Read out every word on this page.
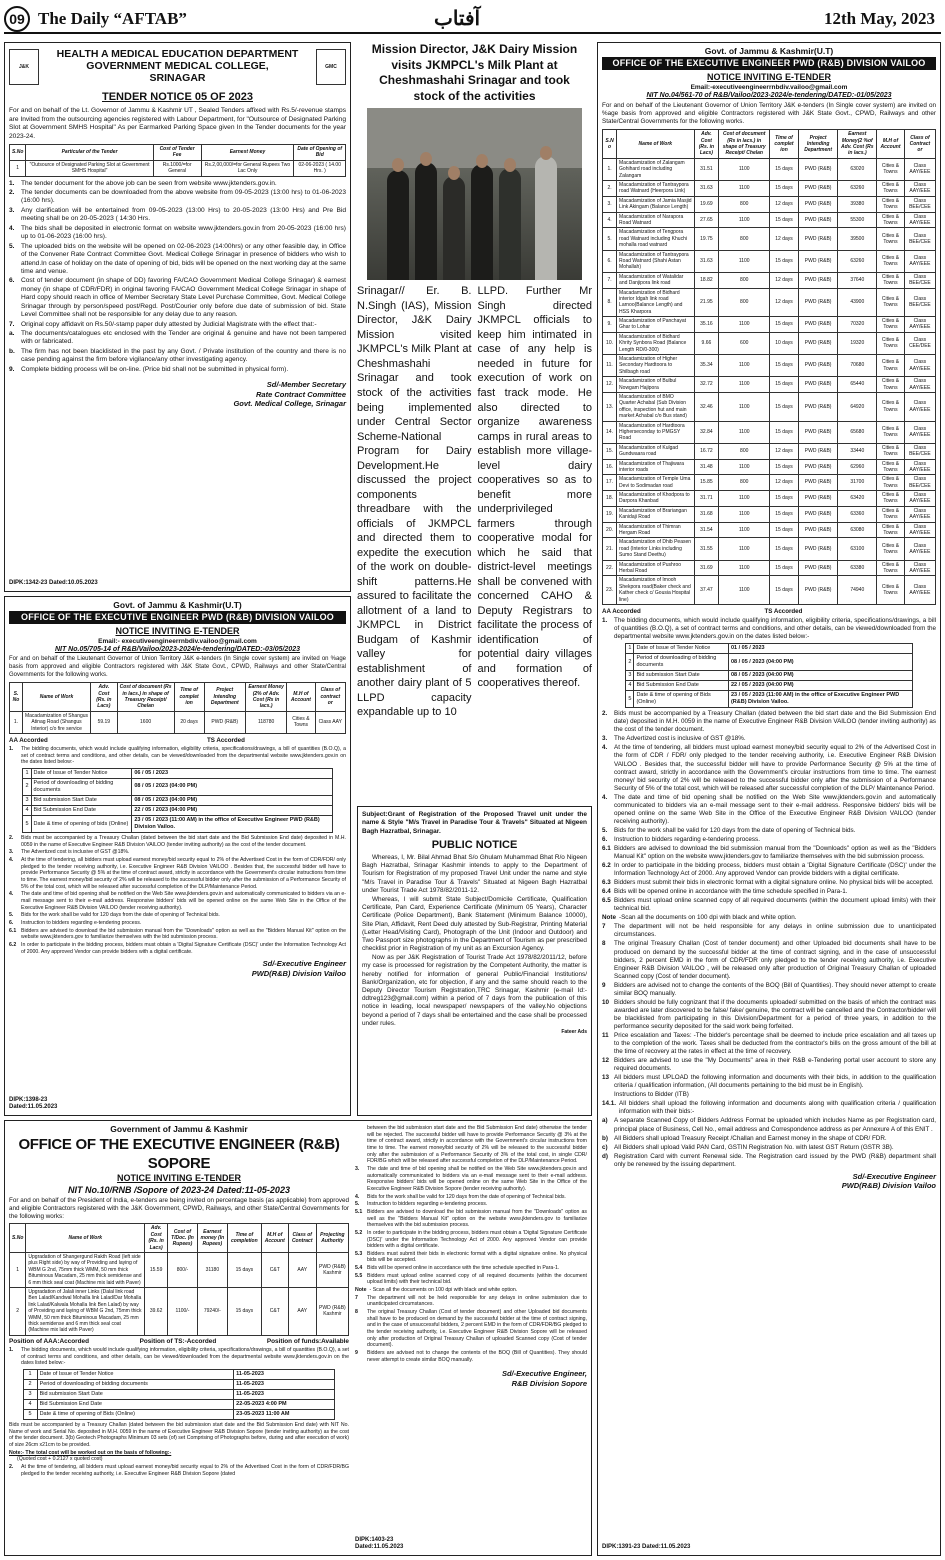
09 The Daily “AFTAB”	آفتاب	12th May, 2023
J&K	GMC
HEALTH A MEDICAL EDUCATION DEPARTMENT
GOVERNMENT MEDICAL COLLEGE,
SRINAGAR
TENDER NOTICE 05 OF 2023

For and on behalf of the Lt. Governor of Jammu & Kashmir UT , Sealed Tenders affixed with Rs.5/-revenue stamps are Invited from the outsourcing agencies registered with Labour Department, for "Outsource of Designated Parking Slot at Government SMHS Hospital" As per Earmarked Parking Space given In the Tender documents for the year 2023-24.

S.No	Particular of the Tender	Cost of Tender Fee	Earnest Money	Date of Opening of Bid
1	"Outsource of Designated Parking Slot at Government SMHS Hospital"	Rs.1000/=for General	Rs.2,00,000/=for General Rupees Two Lac Only	02-06-2023 ( 14.00 Hrs. )
1. The tender document for the above job can be seen from website www.jktenders.gov.in.
2. The tender documents can be downloaded from the above website from 09-05-2023 (13:00 hrs) to 01-06-2023 (16:00 hrs).
3. Any clarification will be entertained from 09-05-2023 (13:00 Hrs) to 20-05-2023 (13:00 Hrs) and Pre Bid meeting shall be on 20-05-2023 ( 14:30 Hrs.
4. The bids shall be deposited in electronic format on website www.jktenders.gov.in from 20-05-2023 (16:00 hrs) up to 01-06-2023 (16:00 hrs).
5. The uploaded bids on the website will be opened on 02-06-2023 (14:00hrs) or any other feasible day, in Office of the Convener Rate Contract Committee Govt. Medical College Srinagar in presence of bidders who wish to attend.In case of holiday on the date of opening of bid, bids will be opened on the next working day at the same time and venue.
6. Cost of tender document (in shape of DD) favoring FA/CAO Government Medical College Srinagar) & earnest money (in shape of CDR/FDR) in original favoring FA/CAO Government Medical College Srinagar in shape of Hard copy should reach in office of Member Secretary State Level Purchase Committee, Govt. Medical College Srinagar through by person/speed post/Regd. Post/Courier only before due date of submission of bid. State Level Committee shall not be responsible for any delay due to any reason.
7. Original copy affidavit on Rs.50/-stamp paper duly attested by Judicial Magistrate with the effect that:-
a. The documents/catalogues etc enclosed with the Tender are original & genuine and have not been tampered with or fabricated.
b. The firm has not been blacklisted in the past by any Govt. / Private institution of the country and there is no case pending against the firm before vigilance/any other investigating agency.
9. Complete bidding process will be on-line. (Price bid shall not be submitted in physical form).
Sd/-Member Secretary
Rate Contract Committee
Govt. Medical College, Srinagar
DIPK:1342-23 Dated:10.05.2023
Govt. of Jammu & Kashmir(U.T)
OFFICE OF THE EXECUTIVE ENGINEER PWD (R&B) DIVISION VAILOO
NOTICE INVITING E-TENDER
Email:- executiveengineerrnbdiv.vailoo@gmail.com
NIT No.05/705-14 of R&B/Vailoo/2023-2024/e-tendering/DATED:-03/05/2023

For and on behalf of the Lieutenant Governor of Union Territory J&K e-tenders (In Single cover system) are invited on %age basis from approved and eligible Contractors registered with J&K State Govt., CPWD, Railways and other State/Central Governments for the following works.

S. No	Name of Work	Adv. Cost (Rs. in Lacs)	Cost of document (Rs in lacs.) in shape of Treasury Receipt/ Chelan	Time of complet ion	Project Intending Department	Earnest Money (2% of Adv. Cost (Rs in lacs.)	M.H of Account	Class of contract or
1.	Macadamization of Shangus Atinag Road (Shangus Interior) c/o fire service	59.19	1600	20 days	PWD (R&B)	118780	Cities & Towns	Class AAY
AA Accorded	TS Accorded
1.	The bidding documents, which would include qualifying information, eligibility criteria, specifications/drawings, a bill of quantities (B.O.Q), a set of contract terms and conditions, and other details, can be viewed/downloaded from the departmental website www.jktenders.gov.in on the dates listed below:-
1	Date of Issue of Tender Notice	06 / 05 / 2023
2	Period of downloading of bidding documents	08 / 05 / 2023 (04:00 PM)
3	Bid submission Start Date	08 / 05 / 2023 (04:00 PM)
4	Bid Submission End Date	22 / 05 / 2023 (04:00 PM)
5	Date & time of opening of bids (Online)	23 / 05 / 2023 (11:00 AM) in the office of Executive Engineer PWD (R&B) Division Vailoo.
2.	Bids must be accompanied by a Treasury Challan (dated between the bid start date and the Bid Submission End date) deposited in M.H. 0059 in the name of Executive Engineer R&B Division VAILOO (tender inviting authority) as the cost of the tender document.
3.	The Advertized cost is inclusive of GST @18%.
4.	At the time of tendering, all bidders must upload earnest money/bid security equal to 2% of the Advertised Cost in the form of CDR/FDR/ only pledged to the tender receiving authority, i.e. Executive Engineer R&B Division VAILOO . Besides that, the successful bidder will have to provide Performance Security @ 5% at the time of contract award, strictly in accordance with the Government's circular instructions from time to time. The earnest money/bid security of 2% will be released to the successful bidder only after the submission of a Performance Security of 5% of the total cost, which will be released after successful completion of the DLP/Maintenance Period.
4.	The date and time of bid opening shall be notified on the Web Site www.jktenders.gov.in and automatically communicated to bidders via an e-mail message sent to their e-mail address. Responsive bidders' bids will be opened online on the same Web Site in the Office of the Executive Engineer R&B Division VAILOO (tender receiving authority).
5.	Bids for the work shall be valid for 120 days from the date of opening of Technical bids.
6.	Instruction to bidders regarding e-tendering process.
6.1 Bidders are advised to download the bid submission manual from the "Downloads" option as well as the "Bidders Manual Kit" option on the website www.jktenders.gov to familiarize themselves with the bid submission process.
6.2 In order to participate in the bidding process, bidders must obtain a 'Digital Signature Certificate (DSC)' under the Information Technology Act of 2000. Any approved Vendor can provide bidders with a digital certificate.
Sd/-Executive Engineer
PWD(R&B) Division Vailoo
DIPK:1398-23 Dated:11.05.2023
Government of Jammu & Kashmir
OFFICE OF THE EXECUTIVE ENGINEER (R&B) SOPORE
NOTICE INVITING E-TENDER
NIT No.10/RNB /Sopore of 2023-24 Dated:11-05-2023

For and on behalf of the President of India, e-tenders are being invited on percentage basis (as applicable) from approved and eligible Contractors registered with the J&K Government, CPWD, Railways, and other State/Central Governments for the following works:

S.No	Name of Work	Adv. Cost (Rs. in Lacs)	Cost of T/Doc. (In Rupees)	Earnest money (In Rupees)	Time of completion	M.H of Account	Class of Contract	Projecting Authority
1	Upgradation of Shangergund Rakth Road (left side plus Right side) by way of Providing and laying of WBM G 2nd, 75mm thick WMM, 50 mm thick Bituminous Macadam, 25 mm thick semidense and 6 mm thick seal coat (Machine mix laid with Paver)	15.59	800/-	31180	15 days	C&T	AAY	PWD (R&B) Kashmir
2	Upgradation of Jalali inner Links (Dalal link road Ben Lalad/Kandwal Mohalla link Lalad/Dar Mohalla link Lalad/Kalwala Mohalla link Ben Lalad) by way of Providing and laying of WBM G 2nd, 75mm thick WMM, 50 mm thick Bituminous Macadam, 25 mm thick semidense and 6 mm thick seal coat (Machine mix laid with Paver)	39.62	1100/-	79240/-	15 days	C&T	AAY	PWD (R&B) Kashmir
Position of AAA:Accorded	Position of TS:-Accorded	Position of funds:Available
1.	The bidding documents, which would include qualifying information, eligibility criteria, specifications/drawings, a bill of quantities (B.O.Q), a set of contract terms and conditions, and other details, can be viewed/downloaded from the departmental website www.jktenders.gov.in on the dates listed below:-
1	Date of Issue of Tender Notice	11-05-2023
2	Period of downloading of bidding documents	11-05-2023
3	Bid submission Start Date	11-05-2023
4	Bid Submission End Date	22-05-2023 4:00 PM
5	Date & time of opening of Bids (Online)	23-05-2023 11:00 AM

Bids must be accompanied by a Treasury Challan (dated between the bid submission start date and the Bid Submission End date) with NIT No. Name of work and Serial No. deposited in M.H. 0059 in the name of Executive Engineer R&B Division Sopore (tender inviting authority) as the cost of the tender document. 3(b) Geotech Photographs Minimum 03 sets (of) set Comprising of Photographs before, during and after execution of work) of size 26cm x21cm to be provided.

Note:- The total cost will be worked out on the basis of following:-
(Quoted cost + 0.2127 x quoted cost)
2.	At the time of tendering, all bidders must upload earnest money/bid security equal to 2% of the Advertised Cost in the form of CDR/FDR/BG pledged to the tender receiving authority, i.e. Executive Engineer R&B Division Sopore (dated
between the bid submission start date and the Bid Submission End date) otherwise the tender will be rejected. The successful bidder will have to provide Performance Security @ 3% at the time of contract award, strictly in accordance with the Government's circular instructions from time to time. The earnest money/bid security of 2% will be released to the successful bidder only after the submission of a Performance Security of 3% of the total cost, in single CDR/ FDR/BG which will be released after successful completion of the DLP/Maintenance Period.
3.	The date and time of bid opening shall be notified on the Web Site www.jktenders.gov.in and automatically communicated to bidders via an e-mail message sent to their e-mail address. Responsive bidders' bids will be opened online on the same Web Site in the Office of the Executive Engineer R&B Division Sopore (tender receiving authority).
4.	Bids for the work shall be valid for 120 days from the date of opening of Technical bids.
5.	Instruction to bidders regarding e-tendering process.
5.1 Bidders are advised to download the bid submission manual from the "Downloads" option as well as the "Bidders Manual Kit" option on the website www.jktenders.gov to familiarize themselves with the bid submission process.
5.2 In order to participate in the bidding process, bidders must obtain a 'Digital Signature Certificate (DSC)' under the Information Technology Act of 2000. Any approved Vendor can provide bidders with a digital certificate.
5.3 Bidders must submit their bids in electronic format with a digital signature online. No physical bids will be accepted.
5.4 Bids will be opened online in accordance with the time schedule specified in Para-1.
5.5 Bidders must upload online scanned copy of all required documents (within the document upload limits) with their technical bid.
Note - Scan all the documents on 100 dpi with black and white option.
7	The department will not be held responsible for any delays in online submission due to unanticipated circumstances.
8	The original Treasury Challan (Cost of tender document) and other Uploaded bid documents shall have to be produced on demand by the successful bidder at the time of contract signing, and in the case of unsuccessful bidders, 2 percent EMD in the form of CDR/FDR/BG pledged to the tender receiving authority, i.e. Executive Engineer R&B Division Sopore will be released only after production of Original Treasury Challan of uploaded Scanned copy (Cost of tender document).
9	Bidders are advised not to change the contents of the BOQ (Bill of Quantities). They should never attempt to create similar BOQ manually.
Sd/-Executive Engineer,
R&B Division Sopore
DIPK:1403-23 Dated:11.05.2023
Mission Director, J&K Dairy Mission visits JKMPCL's Milk Plant at Cheshmashahi Srinagar and took stock of the activities
Srinagar// Er. B. N.Singh (IAS), Mission Director, J&K Dairy Mission visited JKMPCL's Milk Plant at Cheshmashahi Srinagar and took stock of the activities being implemented under Central Sector Scheme-National Program for Dairy Development.He discussed the project components threadbare with the officials of JKMPCL and directed them to expedite the execution of the work on double-shift patterns.He assured to facilitate the allotment of a land to JKMPCL in District Budgam of Kashmir valley for establishment of another dairy plant of 5 LLPD capacity expandable up to 10
LLPD. Further Mr Singh directed JKMPCL officials to keep him intimated in case of any help is needed in future for execution of work on fast track mode. He also directed to organize awareness camps in rural areas to establish more village-level dairy cooperatives so as to benefit more underprivileged farmers through cooperative modal for which he said that district-level meetings shall be convened with concerned CAHO & Deputy Registrars to facilitate the process of identification of potential dairy villages and formation of cooperatives thereof.

Subject:Grant of Registration of the Proposed Travel unit under the name & Style "M/s Travel in Paradise Tour & Travels" Situated at Nigeen Bagh Hazratbal, Srinagar.

PUBLIC NOTICE

Whereas, I, Mr. Bilal Ahmad Bhat S/o Ghulam Muhammad Bhat R/o Nigeen Bagh Hazratbal, Srinagar Kashmir intends to apply to the Department of Tourism for Registration of my proposed Travel Unit under the name and style "M/s Travel in Paradise Tour & Travels" Situated at Nigeen Bagh Hazratbal under Tourist Trade Act 1978/82/2011-12.

Whereas, I will submit State Subject/Domicile Certificate, Qualification Certificate, Pan Card, Experience Certificate (Minimum 05 Years), Character Certificate (Police Department), Bank Statement (Minimum Balance 10000), Site Plan, Affidavit, Rent Deed duly attested by Sub-Registrar, Printing Material (Letter Head/Visiting Card), Photograph of the Unit (Indoor and Outdoor) and Two Passport size photographs in the Department of Tourism as per prescribed checklist prior in Registration of my unit as an Excursion Agency.

Now as per J&K Registration of Tourist Trade Act 1978/82/2011/12, before my case is processed for registration by the Competent Authority, the matter is hereby notified for information of general Public/Financial Institutions/ Bank/Organization, etc for objection, if any and the same should reach to the Deputy Director Tourism Registration,TRC Srinagar, Kashmir (e-mail Id:-ddtreg123@gmail.com) within a period of 7 days from the publication of this notice in leading, local newspaper/ newspapers of the valley.No objections beyond a period of 7 days shall be entertained and the case shall be processed under rules.

Fateer Ads
Govt. of Jammu & Kashmir(U.T)
OFFICE OF THE EXECUTIVE ENGINEER PWD (R&B) DIVISION VAILOO
NOTICE INVITING E-TENDER
Email:-executiveengineerrnbdiv.vailoo@gmail.com
NIT No.04/561-70 of R&B/Vailoo/2023-2024/e-tendering/DATED:-01/05/2023

For and on behalf of the Lieutenant Governor of Union Territory J&K e-tenders (In Single cover system) are invited on %age basis from approved and eligible Contractors registered with J&K State Govt., CPWD, Railways and other State/Central Governments for the following works.

S.N o	Name of Work	Adv. Cost (Rs. in Lacs)	Cost of document (Rs in lacs.) in shape of Treasury Receipt/ Chelan	Time of complet ion	Project Intending Department	Earnest Money(2 %of Adv. Cost (Rs in lacs.)	M.H of Account	Class of Contract or
1.	Macadamization of Zalangam Gohihard road including Zalangam	31.51	1100	15 days	PWD (R&B)	63020	Cities & Towns	Class AAY/EEE
2.	Macadamization of Tantraypora road Watnard (Heerpora Link)	31.63	1100	15 days	PWD (R&B)	63260	Cities & Towns	Class AAY/EEE
3.	Macadamization of Jamia Masjid Link Akingam (Balance Length)	19.69	800	12 days	PWD (R&B)	39380	Cities & Towns	Class BEE/CEE
4.	Macadamization of Narapora Road Watnard	27.65	1100	15 days	PWD (R&B)	55300	Cities & Towns	Class AAY/EEE
5.	Macadamization of Tengpora road Watnard including Khuchi mohalla road watnard	19.75	800	12 days	PWD (R&B)	39500	Cities & Towns	Class BEE/CEE
6.	Macadamization of Tantraypora Road Watnard (Shahi Astan Mohallah)	31.63	1100	15 days	PWD (R&B)	63260	Cities & Towns	Class AAY/EEE
7.	Macadamization of Watalidar and Danjipora link road	18.82	800	12 days	PWD (R&B)	37640	Cities & Towns	Class BEE/CEE
8.	Macadamization of Bidhard interior Idgah link road Larnoo(Balance Length) and HSS Kharpora	21.95	800	12 days	PWD (R&B)	43900	Cities & Towns	Class BEE/CEE
9.	Macadamization of Panchayat Ghar to Lohar	35.16	1100	15 days	PWD (R&B)	70320	Cities & Towns	Class AAY/EEE
10.	Macadamization of Bidhard Khrity Synbora Road (Balance Length RD/0-300)	9.66	600	10 days	PWD (R&B)	19320	Cities & Towns	Class CEE/DEE
11.	Macadamization of Higher Secondary Hardtoora to Shilbagh road	35.34	1100	15 days	PWD (R&B)	70680	Cities & Towns	Class AAY/EEE
12.	Macadamization of Bulbul Nowgam Hajipora	32.72	1100	15 days	PWD (R&B)	65440	Cities & Towns	Class AAY/EEE
13.	Macadamization of BMO Quarter Achabal (Sub Division office, inspection hut and main market Achabal c/o Bus stand)	32.46	1100	15 days	PWD (R&B)	64920	Cities & Towns	Class AAY/EEE
14.	Macadamization of Hardtoora Higherseconday to PMGSY Road	32.84	1100	15 days	PWD (R&B)	65680	Cities & Towns	Class AAY/EEE
15.	Macadamization of Kulgad Gundwaara road	16.72	800	12 days	PWD (R&B)	33440	Cities & Towns	Class BEE/CEE
16.	Macadamization of Thajiwara interior roads	31.48	1100	15 days	PWD (R&B)	62960	Cities & Towns	Class AAY/EEE
17.	Macadamization of Temple Uma Devi to Sodimadan road	15.85	800	12 days	PWD (R&B)	31700	Cities & Towns	Class BEE/CEE
18.	Macadamization of Khodpora to Darpora Khanbad	31.71	1100	15 days	PWD (R&B)	63420	Cities & Towns	Class AAY/EEE
19.	Macadamization of Brariangan Kanidaji Road	31.68	1100	15 days	PWD (R&B)	63360	Cities & Towns	Class AAY/EEE
20.	Macadamization of Thimran Hergam Road	31.54	1100	15 days	PWD (R&B)	63080	Cities & Towns	Class AAY/EEE
21.	Macadamization of Dhib Peasen road (Interior Links including Sumo Stand Deethu)	31.55	1100	15 days	PWD (R&B)	63100	Cities & Towns	Class AAY/EEE
22.	Macadamization of Pushroo Herbal Road	31.69	1100	15 days	PWD (R&B)	63380	Cities & Towns	Class AAY/EEE
23.	Macadamization of Imooh Shekpora road(Baker check and Kather check c/ Gousia Hospital line)	37.47	1100	15 days	PWD (R&B)	74940	Cities & Towns	Class AAY/EEE
AA Accorded	TS Accorded
1.	The bidding documents, which would include qualifying information, eligibility criteria, specifications/drawings, a bill of quantities (B.O.Q), a set of contract terms and conditions, and other details, can be viewed/downloaded from the departmental website www.jktenders.gov.in on the dates listed below:-
1	Date of Issue of Tender Notice	01 / 05 / 2023
2	Period of downloading of bidding documents	08 / 05 / 2023 (04:00 PM)
3	Bid submission Start Date	08 / 05 / 2023 (04:00 PM)
4	Bid Submission End Date	22 / 05 / 2023 (04:00 PM)
5	Date & time of opening of Bids (Online)	23 / 05 / 2023 (11:00 AM) in the office of Executive Engineer PWD (R&B) Division Vailoo.
2.	Bids must be accompanied by a Treasury Challan (dated between the bid start date and the Bid Submission End date) deposited in M.H. 0059 in the name of Executive Engineer R&B Division VAILOO (tender inviting authority) as the cost of the tender document.
3.	The Advertized cost is inclusive of GST @18%.
4.	At the time of tendering, all bidders must upload earnest money/bid security equal to 2% of the Advertised Cost in the form of CDR / FDR/ only pledged to the tender receiving authority, i.e. Executive Engineer R&B Division VAILOO . Besides that, the successful bidder will have to provide Performance Security @ 5% at the time of contract award, strictly in accordance with the Government's circular instructions from time to time. The earnest money/ bid security of 2% will be released to the successful bidder only after the submission of a Performance Security of 5% of the total cost, which will be released after successful completion of the DLP/ Maintenance Period.
4.	The date and time of bid opening shall be notified on the Web Site www.jktenders.gov.in and automatically communicated to bidders via an e-mail message sent to their e-mail address. Responsive bidders' bids will be opened online on the same Web Site in the Office of the Executive Engineer R&B Division VAILOO (tender receiving authority).
5.	Bids for the work shall be valid for 120 days from the date of opening of Technical bids.
6.	Instruction to bidders regarding e-tendering process.
6.1 Bidders are advised to download the bid submission manual from the "Downloads" option as well as the "Bidders Manual Kit" option on the website www.jktenders.gov to familiarize themselves with the bid submission process.
6.2 In order to participate in the bidding process, bidders must obtain a 'Digital Signature Certificate (DSC)' under the Information Technology Act of 2000. Any approved Vendor can provide bidders with a digital certificate.
6.3 Bidders must submit their bids in electronic format with a digital signature online. No physical bids will be accepted.
6.4 Bids will be opened online in accordance with the time schedule specified in Para-1.
6.5 Bidders must upload online scanned copy of all required documents (within the document upload limits) with their technical bid.
Note -Scan all the documents on 100 dpi with black and white option.
7	The department will not be held responsible for any delays in online submission due to unanticipated circumstances.
8	The original Treasury Challan (Cost of tender document) and other Uploaded bid documents shall have to be produced on demand by the successful bidder at the time of contract signing, and in the case of unsuccessful bidders, 2 percent EMD in the form of CDR/FDR only pledged to the tender receiving authority, i.e. Executive Engineer R&B Division VAILOO , will be released only after production of Original Treasury Challan of uploaded Scanned copy (Cost of tender document).
9	Bidders are advised not to change the contents of the BOQ (Bill of Quantities). They should never attempt to create similar BOQ manually.
10 Bidders should be fully cognizant that if the documents uploaded/ submitted on the basis of which the contract was awarded are later discovered to be false/ fake/ genuine, the contract will be cancelled and the Contractor/bidder will be blacklisted from participating in this Division/Department for a period of three years, in addition to the performance security deposited for the said work being forfeited.
11 Price escalation and Taxes: -The bidder's percentage shall be deemed to include price escalation and all taxes up to the completion of the work. Taxes shall be deducted from the contractor's bills on the gross amount of the bill at the time of recovery at the rates in effect at the time of recovery.
12 Bidders are advised to use the "My Documents" area in their R&B e-Tendering portal user account to store any required documents.
13 All bidders must UPLOAD the following information and documents with their bids, in addition to the qualification criteria / qualification information, (All documents pertaining to the bid must be in English).
Instructions to Bidder (ITB)
14.1. All bidders shall upload the following information and documents along with qualification criteria / qualification information with their bids:-
a)	A separate Scanned Copy of Bidders Address Format be uploaded which includes Name as per Registration card, principal place of Business, Cell No., email address and Correspondence address as per Annexure A of this ENIT .
b) All Bidders shall upload Treasury Receipt /Challan and Earnest money in the shape of CDR/ FDR.
c)	All Bidders shall upload Valid PAN Card, GSTIN Registration No. with latest GST Return (GSTR 3B).
d) Registration Card with current Renewal side. The Registration card issued by the PWD (R&B) department shall only be renewed by the issuing department.
Sd/-Executive Engineer
PWD(R&B) Division Vailoo
DIPK:1391-23 Dated:11.05.2023
